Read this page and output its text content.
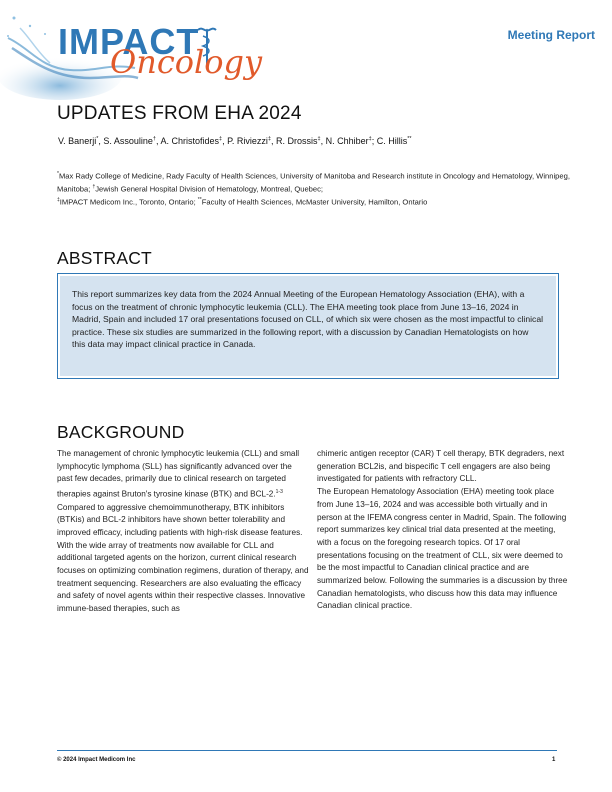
IMPACT
Oncology
Meeting Report
UPDATES FROM EHA 2024
V. Banerji*, S. Assouline†, A. Christofides‡, P. Riviezzi‡, R. Drossis‡, N. Chhiber‡; C. Hillis**
*Max Rady College of Medicine, Rady Faculty of Health Sciences, University of Manitoba and Research institute in Oncology and Hematology, Winnipeg, Manitoba; †Jewish General Hospital Division of Hematology, Montreal, Quebec;
‡IMPACT Medicom Inc., Toronto, Ontario; **Faculty of Health Sciences, McMaster University, Hamilton, Ontario
ABSTRACT
This report summarizes key data from the 2024 Annual Meeting of the European Hematology Association (EHA), with a focus on the treatment of chronic lymphocytic leukemia (CLL). The EHA meeting took place from June 13–16, 2024 in Madrid, Spain and included 17 oral presentations focused on CLL, of which six were chosen as the most impactful to clinical practice. These six studies are summarized in the following report, with a discussion by Canadian Hematologists on how this data may impact clinical practice in Canada.
BACKGROUND

The management of chronic lymphocytic leukemia (CLL) and small lymphocytic lymphoma (SLL) has significantly advanced over the past few decades, primarily due to clinical research on targeted therapies against Bruton's tyrosine kinase (BTK) and BCL-2.$^{1-3}$ Compared to aggressive chemoimmunotherapy, BTK inhibitors (BTKis) and BCL-2 inhibitors have shown better tolerability and improved efficacy, including patients with high-risk disease features.

With the wide array of treatments now available for CLL and additional targeted agents on the horizon, current clinical research focuses on optimizing combination regimens, duration of therapy, and treatment sequencing. Researchers are also evaluating the efficacy and safety of novel agents within their respective classes. Innovative immune-based therapies, such as

chimeric antigen receptor (CAR) T cell therapy, BTK degraders, next generation BCL2is, and bispecific T cell engagers are also being investigated for patients with refractory CLL.

The European Hematology Association (EHA) meeting took place from June 13–16, 2024 and was accessible both virtually and in person at the IFEMA congress center in Madrid, Spain. The following report summarizes key clinical trial data presented at the meeting, with a focus on the foregoing research topics. Of 17 oral presentations focusing on the treatment of CLL, six were deemed to be the most impactful to Canadian clinical practice and are summarized below. Following the summaries is a discussion by three Canadian hematologists, who discuss how this data may influence Canadian clinical practice.

© 2024 Impact Medicom Inc	1
